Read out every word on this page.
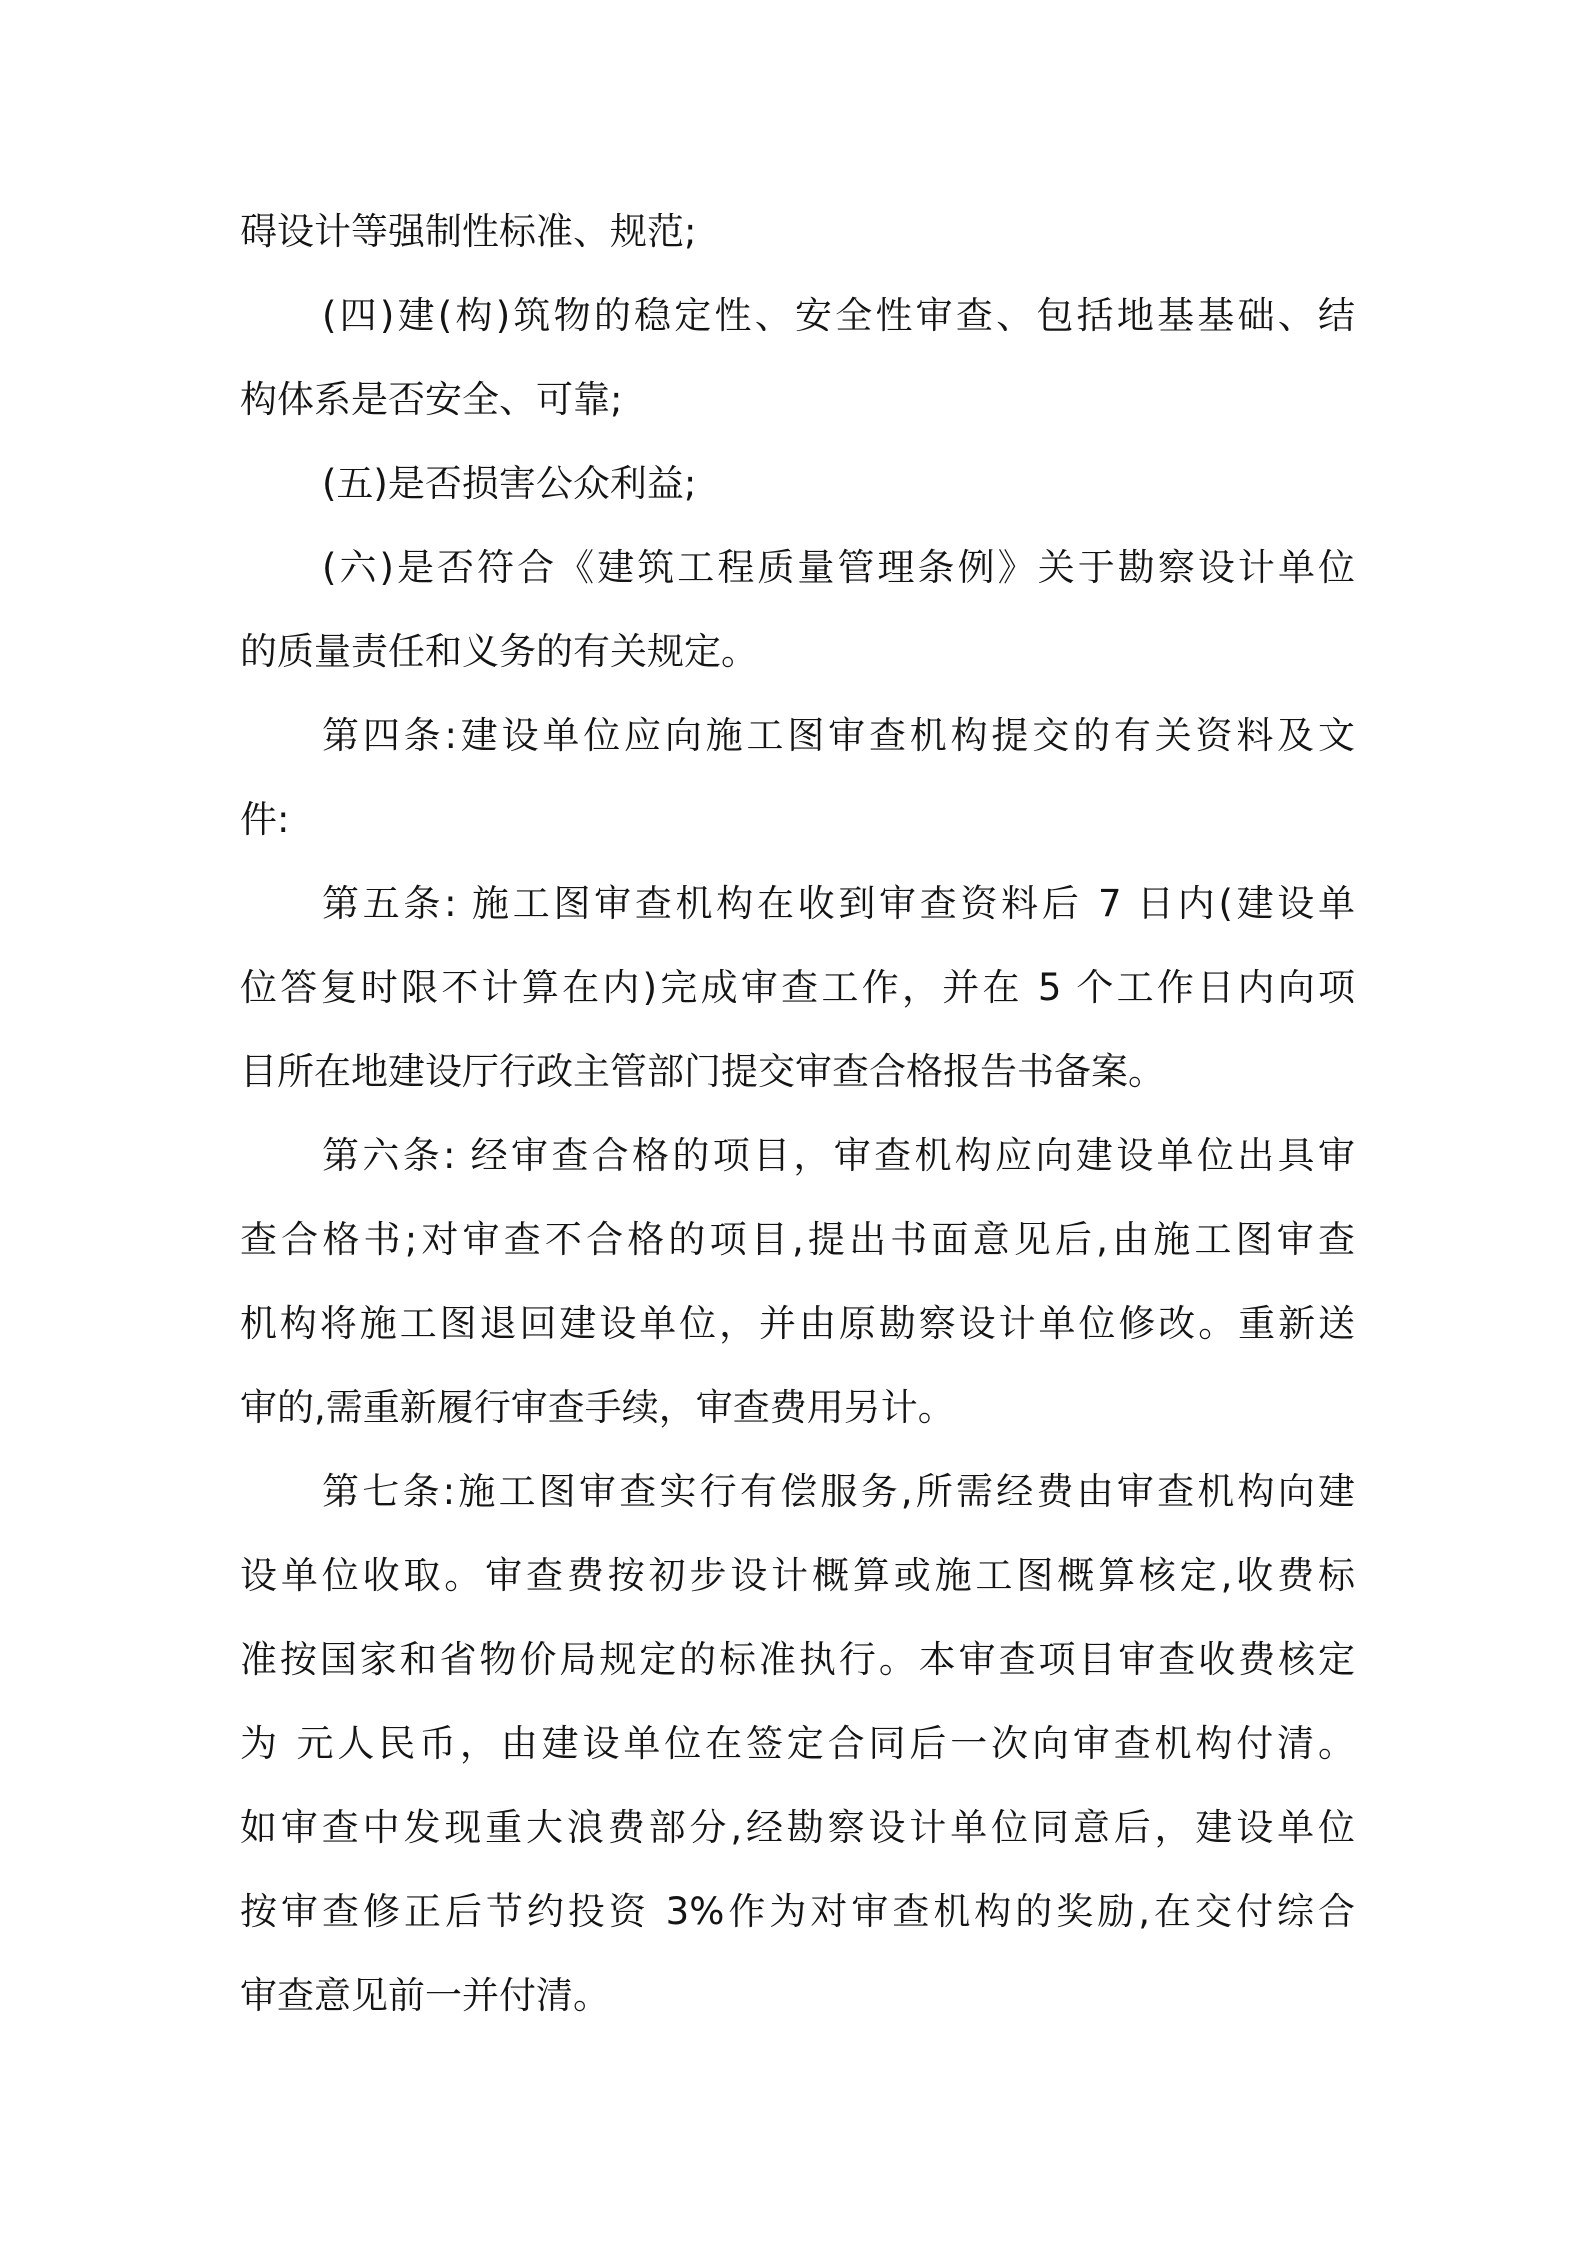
碍设计等强制性标准、规范;
(四)建(构)筑物的稳定性、安全性审查、包括地基基础、结
构体系是否安全、可靠;
(五)是否损害公众利益;
(六)是否符合《建筑工程质量管理条例》关于勘察设计单位
的质量责任和义务的有关规定。
第四条:建设单位应向施工图审查机构提交的有关资料及文
件:
第五条: 施工图审查机构在收到审查资料后 7 日内(建设单
位答复时限不计算在内)完成审查工作，并在 5 个工作日内向项
目所在地建设厅行政主管部门提交审查合格报告书备案。
第六条: 经审查合格的项目，审查机构应向建设单位出具审
查合格书;对审查不合格的项目,提出书面意见后,由施工图审查
机构将施工图退回建设单位，并由原勘察设计单位修改。重新送
审的,需重新履行审查手续，审查费用另计。
第七条:施工图审查实行有偿服务,所需经费由审查机构向建
设单位收取。审查费按初步设计概算或施工图概算核定,收费标
准按国家和省物价局规定的标准执行。本审查项目审查收费核定
为 元人民币，由建设单位在签定合同后一次向审查机构付清。
如审查中发现重大浪费部分,经勘察设计单位同意后，建设单位
按审查修正后节约投资 3%作为对审查机构的奖励,在交付综合
审查意见前一并付清。
